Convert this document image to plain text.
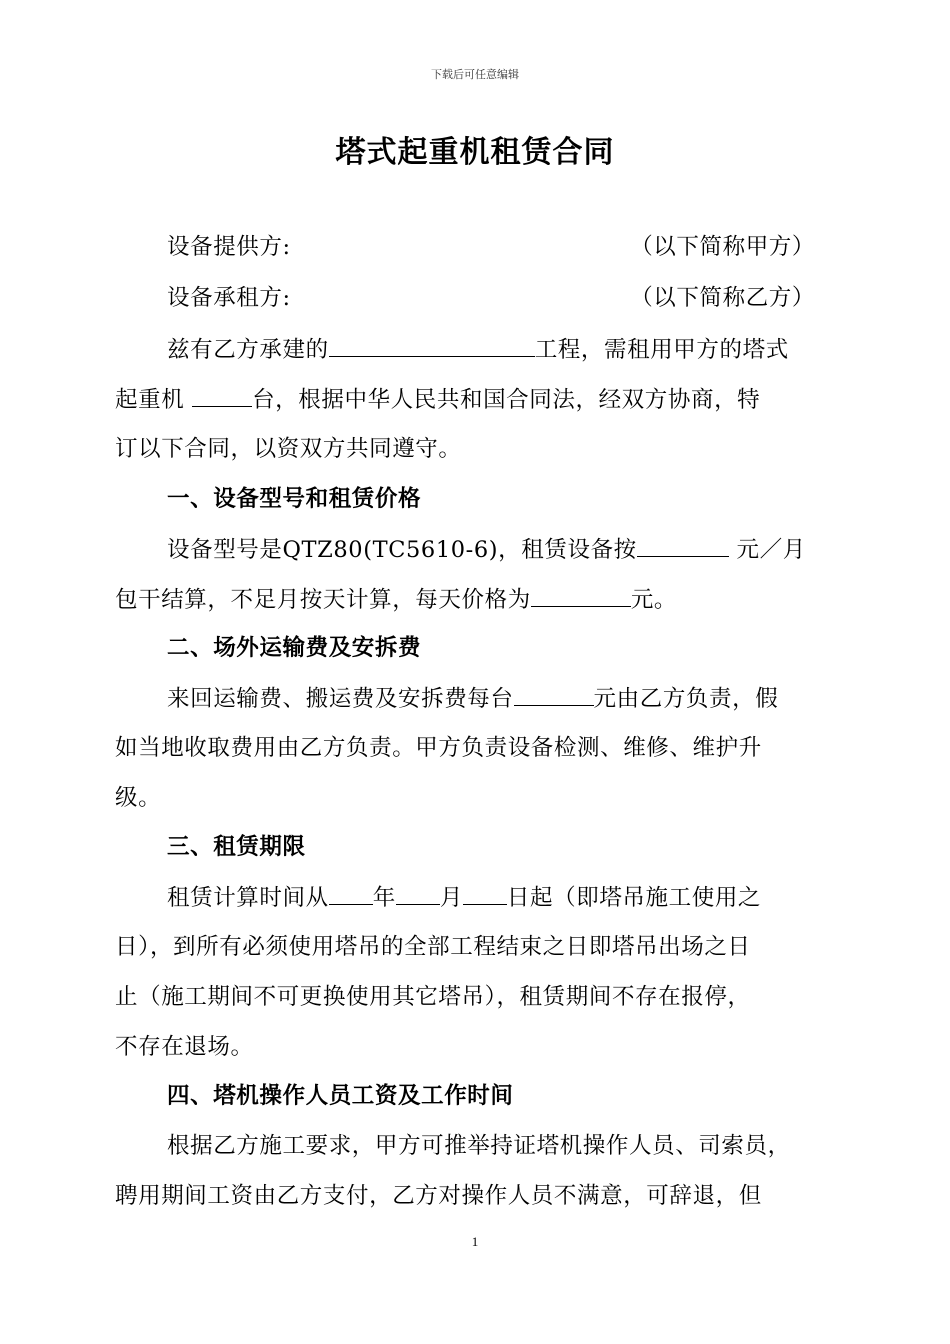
下载后可任意编辑
塔式起重机租赁合同
设备提供方:	（以下简称甲方）
设备承租方:	（以下简称乙方）
兹有乙方承建的	工程，需租用甲方的塔式
起重机	台，根据中华人民共和国合同法，经双方协商，特
订以下合同，以资双方共同遵守。
一、设备型号和租赁价格
设备型号是QTZ80(TC5610-6)，租赁设备按	元／月
包干结算，不足月按天计算，每天价格为	元。
二、场外运输费及安拆费
来回运输费、搬运费及安拆费每台	元由乙方负责，假
如当地收取费用由乙方负责。甲方负责设备检测、维修、维护升
级。
三、租赁期限
租赁计算时间从 年 月 日起（即塔吊施工使用之
日），到所有必须使用塔吊的全部工程结束之日即塔吊出场之日
止（施工期间不可更换使用其它塔吊），租赁期间不存在报停，
不存在退场。
四、塔机操作人员工资及工作时间
根据乙方施工要求，甲方可推举持证塔机操作人员、司索员，
聘用期间工资由乙方支付，乙方对操作人员不满意，可辞退，但
1
